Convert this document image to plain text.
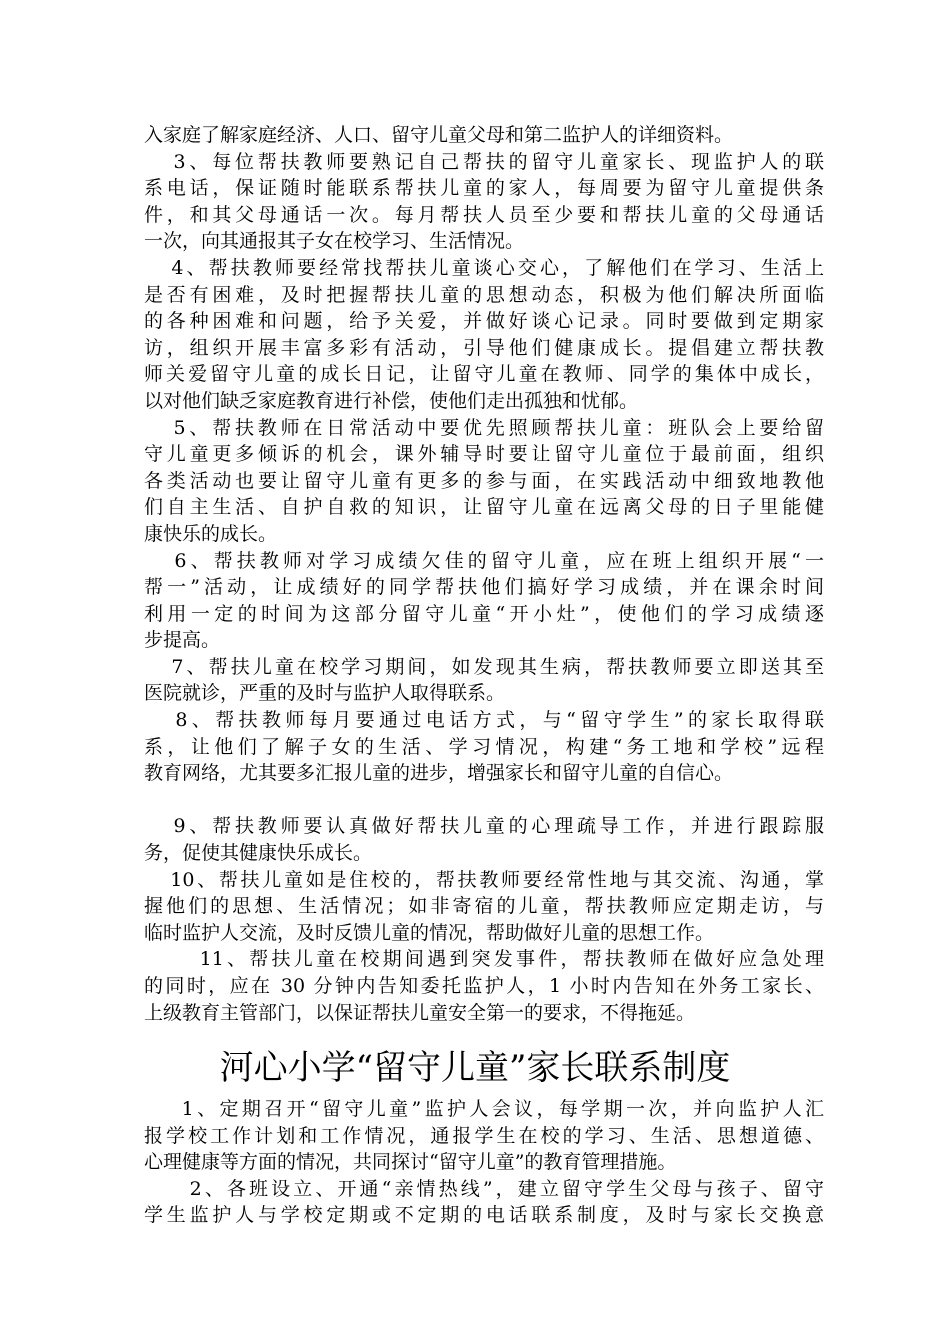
入家庭了解家庭经济、人口、留守儿童父母和第二监护人的详细资料。
3、每位帮扶教师要熟记自己帮扶的留守儿童家长、现监护人的联
系电话，保证随时能联系帮扶儿童的家人，每周要为留守儿童提供条
件，和其父母通话一次。每月帮扶人员至少要和帮扶儿童的父母通话
一次，向其通报其子女在校学习、生活情况。
4、帮扶教师要经常找帮扶儿童谈心交心，了解他们在学习、生活上
是否有困难，及时把握帮扶儿童的思想动态，积极为他们解决所面临
的各种困难和问题，给予关爱，并做好谈心记录。同时要做到定期家
访，组织开展丰富多彩有活动，引导他们健康成长。提倡建立帮扶教
师关爱留守儿童的成长日记，让留守儿童在教师、同学的集体中成长，
以对他们缺乏家庭教育进行补偿，使他们走出孤独和忧郁。
5、帮扶教师在日常活动中要优先照顾帮扶儿童：班队会上要给留
守儿童更多倾诉的机会，课外辅导时要让留守儿童位于最前面，组织
各类活动也要让留守儿童有更多的参与面，在实践活动中细致地教他
们自主生活、自护自救的知识，让留守儿童在远离父母的日子里能健
康快乐的成长。
6、帮扶教师对学习成绩欠佳的留守儿童，应在班上组织开展“一
帮一”活动，让成绩好的同学帮扶他们搞好学习成绩，并在课余时间
利用一定的时间为这部分留守儿童“开小灶”，使他们的学习成绩逐
步提高。
7、帮扶儿童在校学习期间，如发现其生病，帮扶教师要立即送其至
医院就诊，严重的及时与监护人取得联系。
8、帮扶教师每月要通过电话方式，与“留守学生”的家长取得联
系，让他们了解子女的生活、学习情况，构建“务工地和学校”远程
教育网络，尤其要多汇报儿童的进步，增强家长和留守儿童的自信心。
9、帮扶教师要认真做好帮扶儿童的心理疏导工作，并进行跟踪服
务，促使其健康快乐成长。
10、帮扶儿童如是住校的，帮扶教师要经常性地与其交流、沟通，掌
握他们的思想、生活情况；如非寄宿的儿童，帮扶教师应定期走访，与
临时监护人交流，及时反馈儿童的情况，帮助做好儿童的思想工作。
11、帮扶儿童在校期间遇到突发事件，帮扶教师在做好应急处理
的同时，应在 30 分钟内告知委托监护人，1 小时内告知在外务工家长、
上级教育主管部门，以保证帮扶儿童安全第一的要求，不得拖延。
河心小学“留守儿童”家长联系制度
1、定期召开“留守儿童”监护人会议，每学期一次，并向监护人汇
报学校工作计划和工作情况，通报学生在校的学习、生活、思想道德、
心理健康等方面的情况，共同探讨“留守儿童”的教育管理措施。
2、各班设立、开通“亲情热线”，建立留守学生父母与孩子、留守
学生监护人与学校定期或不定期的电话联系制度，及时与家长交换意
